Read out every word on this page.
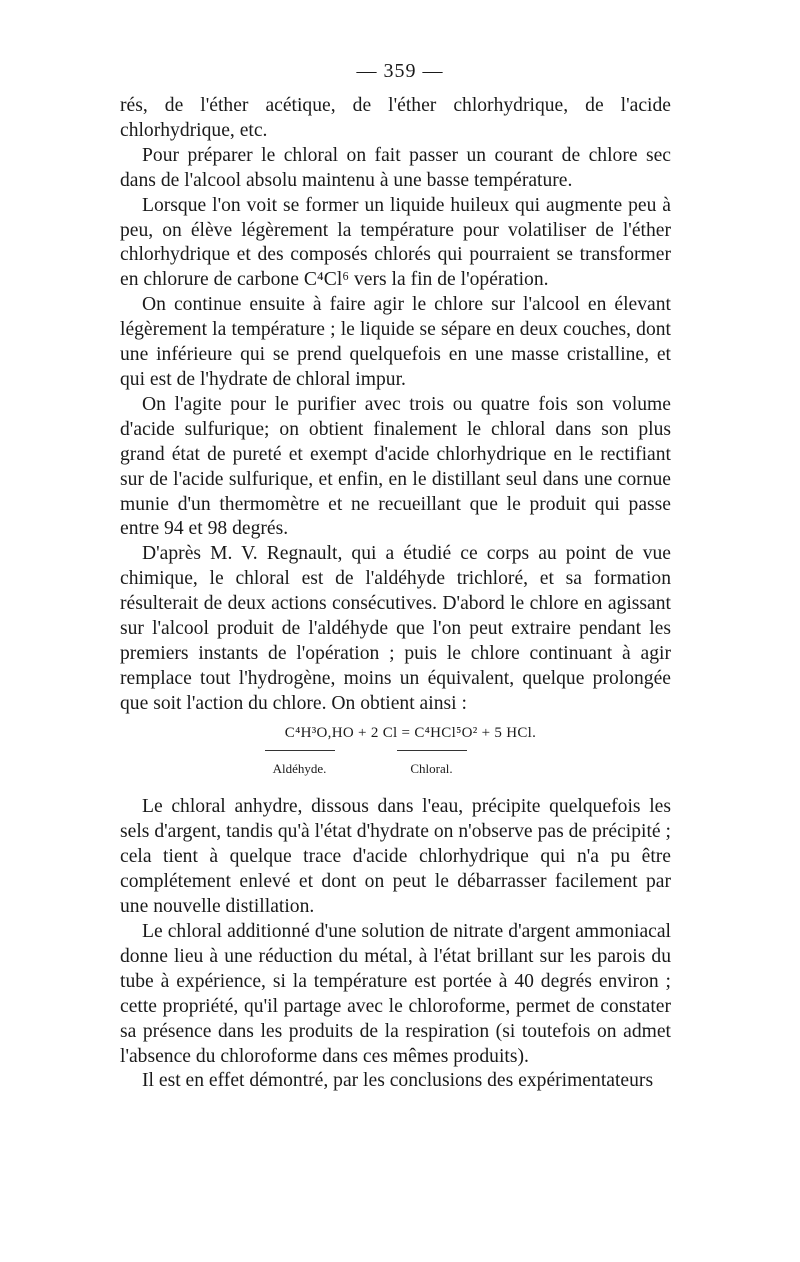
— 359 —

rés, de l'éther acétique, de l'éther chlorhydrique, de l'acide chlorhydrique, etc.

Pour préparer le chloral on fait passer un courant de chlore sec dans de l'alcool absolu maintenu à une basse température.

Lorsque l'on voit se former un liquide huileux qui augmente peu à peu, on élève légèrement la température pour volatiliser de l'éther chlorhydrique et des composés chlorés qui pourraient se transformer en chlorure de carbone C⁴Cl⁶ vers la fin de l'opération.

On continue ensuite à faire agir le chlore sur l'alcool en élevant légèrement la température ; le liquide se sépare en deux couches, dont une inférieure qui se prend quelquefois en une masse cristalline, et qui est de l'hydrate de chloral impur.

On l'agite pour le purifier avec trois ou quatre fois son volume d'acide sulfurique; on obtient finalement le chloral dans son plus grand état de pureté et exempt d'acide chlorhydrique en le rectifiant sur de l'acide sulfurique, et enfin, en le distillant seul dans une cornue munie d'un thermomètre et ne recueillant que le produit qui passe entre 94 et 98 degrés.

D'après M. V. Regnault, qui a étudié ce corps au point de vue chimique, le chloral est de l'aldéhyde trichloré, et sa formation résulterait de deux actions consécutives. D'abord le chlore en agissant sur l'alcool produit de l'aldéhyde que l'on peut extraire pendant les premiers instants de l'opération ; puis le chlore continuant à agir remplace tout l'hydrogène, moins un équivalent, quelque prolongée que soit l'action du chlore. On obtient ainsi :

C⁴H³O,HO + 2 Cl = C⁴HCl⁵O² + 5 HCl.
Aldéhyde.	Chloral.

Le chloral anhydre, dissous dans l'eau, précipite quelquefois les sels d'argent, tandis qu'à l'état d'hydrate on n'observe pas de précipité ; cela tient à quelque trace d'acide chlorhydrique qui n'a pu être complétement enlevé et dont on peut le débarrasser facilement par une nouvelle distillation.

Le chloral additionné d'une solution de nitrate d'argent ammoniacal donne lieu à une réduction du métal, à l'état brillant sur les parois du tube à expérience, si la température est portée à 40 degrés environ ; cette propriété, qu'il partage avec le chloroforme, permet de constater sa présence dans les produits de la respiration (si toutefois on admet l'absence du chloroforme dans ces mêmes produits).

Il est en effet démontré, par les conclusions des expérimentateurs
